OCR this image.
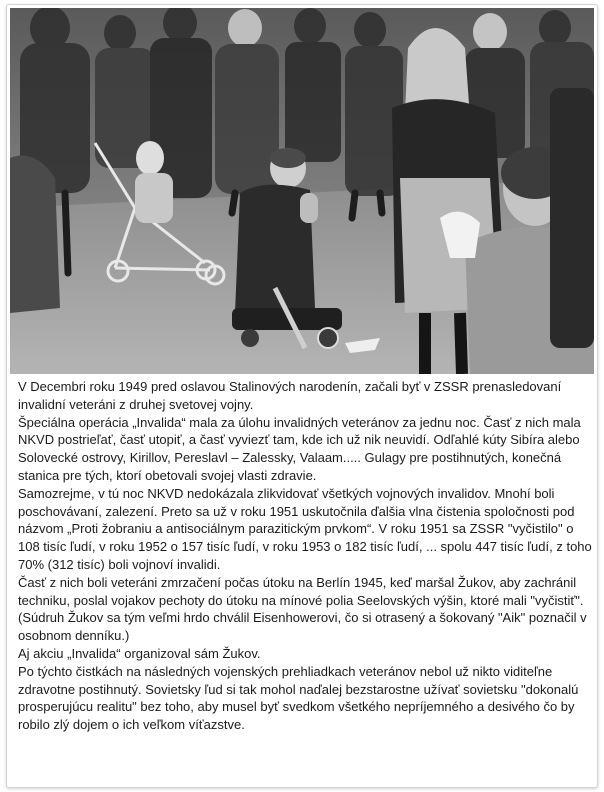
V Decembri roku 1949 pred oslavou Stalinových narodenín, začali byť v ZSSR prenasledovaní invalidní veteráni z druhej svetovej vojny.

Špeciálna operácia „Invalida“ mala za úlohu invalidných veteránov za jednu noc. Časť z nich mala NKVD postrieľať, časť utopiť, a časť vyviezť tam, kde ich už nik neuvidí. Odľahlé kúty Sibíra alebo Solovecké ostrovy, Kirillov, Pereslavl – Zalessky, Valaam..... Gulagy pre postihnutých, konečná stanica pre tých, ktorí obetovali svojej vlasti zdravie.

Samozrejme, v tú noc NKVD nedokázala zlikvidovať všetkých vojnových invalidov. Mnohí boli poschovávaní, zalezení. Preto sa už v roku 1951 uskutočnila ďalšia vlna čistenia spoločnosti pod názvom „Proti žobraniu a antisociálnym parazitickým prvkom“. V roku 1951 sa ZSSR "vyčistilo" o 108 tisíc ľudí, v roku 1952 o 157 tisíc ľudí, v roku 1953 o 182 tisíc ľudí, ... spolu 447 tisíc ľudí, z toho 70% (312 tisíc) boli vojnoví invalidi.

Časť z nich boli veteráni zmrzačení počas útoku na Berlín 1945, keď maršal Žukov, aby zachránil techniku, poslal vojakov pechoty do útoku na mínové polia Seelovských výšin, ktoré mali "vyčistiť". (Súdruh Žukov sa tým veľmi hrdo chválil Eisenhowerovi, čo si otrasený a šokovaný "Aik" poznačil v osobnom denníku.)

Aj akciu „Invalida“ organizoval sám Žukov.

Po týchto čistkách na následných vojenských prehliadkach veteránov nebol už nikto viditeľne zdravotne postihnutý. Sovietsky ľud si tak mohol naďalej bezstarostne užívať sovietsku "dokonalú prosperujúcu realitu" bez toho, aby musel byť svedkom všetkého nepríjemného a desivého čo by robilo zlý dojem o ich veľkom víťazstve.
